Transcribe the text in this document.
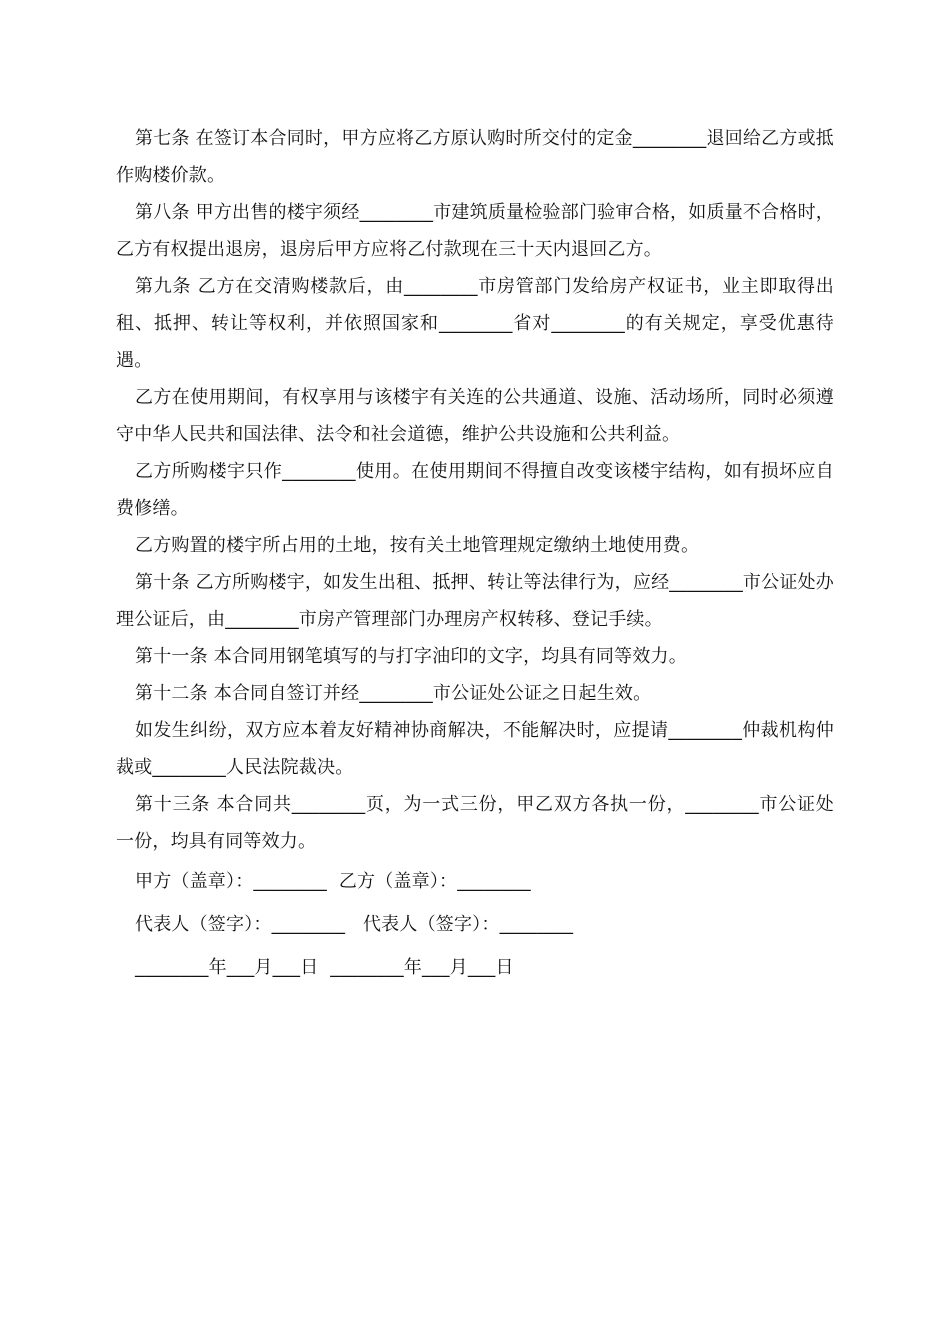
第七条 在签订本合同时，甲方应将乙方原认购时所交付的定金________退回给乙方或抵作购楼价款。

第八条 甲方出售的楼宇须经________市建筑质量检验部门验审合格，如质量不合格时，乙方有权提出退房，退房后甲方应将乙付款现在三十天内退回乙方。

第九条 乙方在交清购楼款后，由________市房管部门发给房产权证书，业主即取得出租、抵押、转让等权利，并依照国家和________省对________的有关规定，享受优惠待遇。

乙方在使用期间，有权享用与该楼宇有关连的公共通道、设施、活动场所，同时必须遵守中华人民共和国法律、法令和社会道德，维护公共设施和公共利益。

乙方所购楼宇只作________使用。在使用期间不得擅自改变该楼宇结构，如有损坏应自费修缮。

乙方购置的楼宇所占用的土地，按有关土地管理规定缴纳土地使用费。

第十条 乙方所购楼宇，如发生出租、抵押、转让等法律行为，应经________市公证处办理公证后，由________市房产管理部门办理房产权转移、登记手续。

第十一条 本合同用钢笔填写的与打字油印的文字，均具有同等效力。

第十二条 本合同自签订并经________市公证处公证之日起生效。

如发生纠纷，双方应本着友好精神协商解决，不能解决时，应提请________仲裁机构仲裁或________人民法院裁决。

第十三条 本合同共________页，为一式三份，甲乙双方各执一份，________市公证处一份，均具有同等效力。

甲方（盖章）：________  乙方（盖章）：________

代表人（签字）：________   代表人（签字）：________

________年___月___日  ________年___月___日
